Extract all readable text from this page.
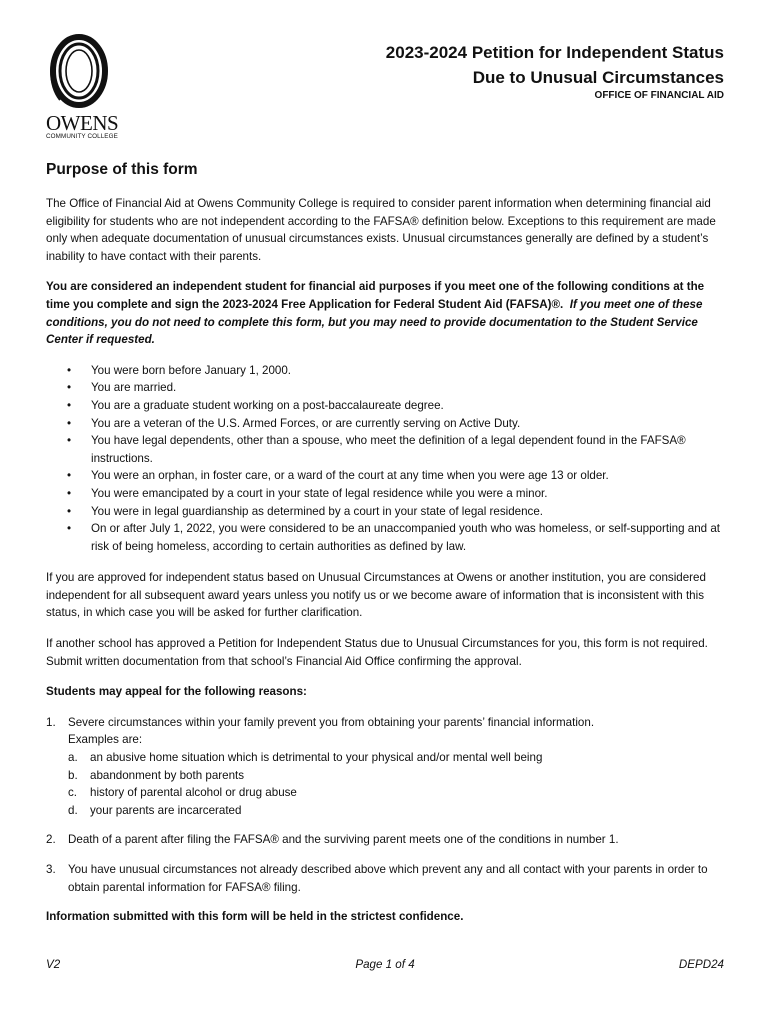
OWENS
COMMUNITY COLLEGE
2023-2024 Petition for Independent Status
Due to Unusual Circumstances
OFFICE OF FINANCIAL AID
Purpose of this form

The Office of Financial Aid at Owens Community College is required to consider parent information when determining financial aid eligibility for students who are not independent according to the FAFSA® definition below. Exceptions to this requirement are made only when adequate documentation of unusual circumstances exists. Unusual circumstances generally are defined by a student’s inability to have contact with their parents.

You are considered an independent student for financial aid purposes if you meet one of the following conditions at the time you complete and sign the 2023-2024 Free Application for Federal Student Aid (FAFSA)®. If you meet one of these conditions, you do not need to complete this form, but you may need to provide documentation to the Student Service Center if requested.

• You were born before January 1, 2000.
• You are married.
• You are a graduate student working on a post-baccalaureate degree.
• You are a veteran of the U.S. Armed Forces, or are currently serving on Active Duty.
• You have legal dependents, other than a spouse, who meet the definition of a legal dependent found in the FAFSA® instructions.
• You were an orphan, in foster care, or a ward of the court at any time when you were age 13 or older.
• You were emancipated by a court in your state of legal residence while you were a minor.
• You were in legal guardianship as determined by a court in your state of legal residence.
• On or after July 1, 2022, you were considered to be an unaccompanied youth who was homeless, or self-supporting and at risk of being homeless, according to certain authorities as defined by law.

If you are approved for independent status based on Unusual Circumstances at Owens or another institution, you are considered independent for all subsequent award years unless you notify us or we become aware of information that is inconsistent with this status, in which case you will be asked for further clarification.

If another school has approved a Petition for Independent Status due to Unusual Circumstances for you, this form is not required. Submit written documentation from that school’s Financial Aid Office confirming the approval.

Students may appeal for the following reasons:

1. Severe circumstances within your family prevent you from obtaining your parents’ financial information.
Examples are:
a. an abusive home situation which is detrimental to your physical and/or mental well being
b. abandonment by both parents
c. history of parental alcohol or drug abuse
d. your parents are incarcerated
2. Death of a parent after filing the FAFSA® and the surviving parent meets one of the conditions in number 1.
3. You have unusual circumstances not already described above which prevent any and all contact with your parents in order to obtain parental information for FAFSA® filing.

Information submitted with this form will be held in the strictest confidence.

V2	Page 1 of 4	DEPD24
